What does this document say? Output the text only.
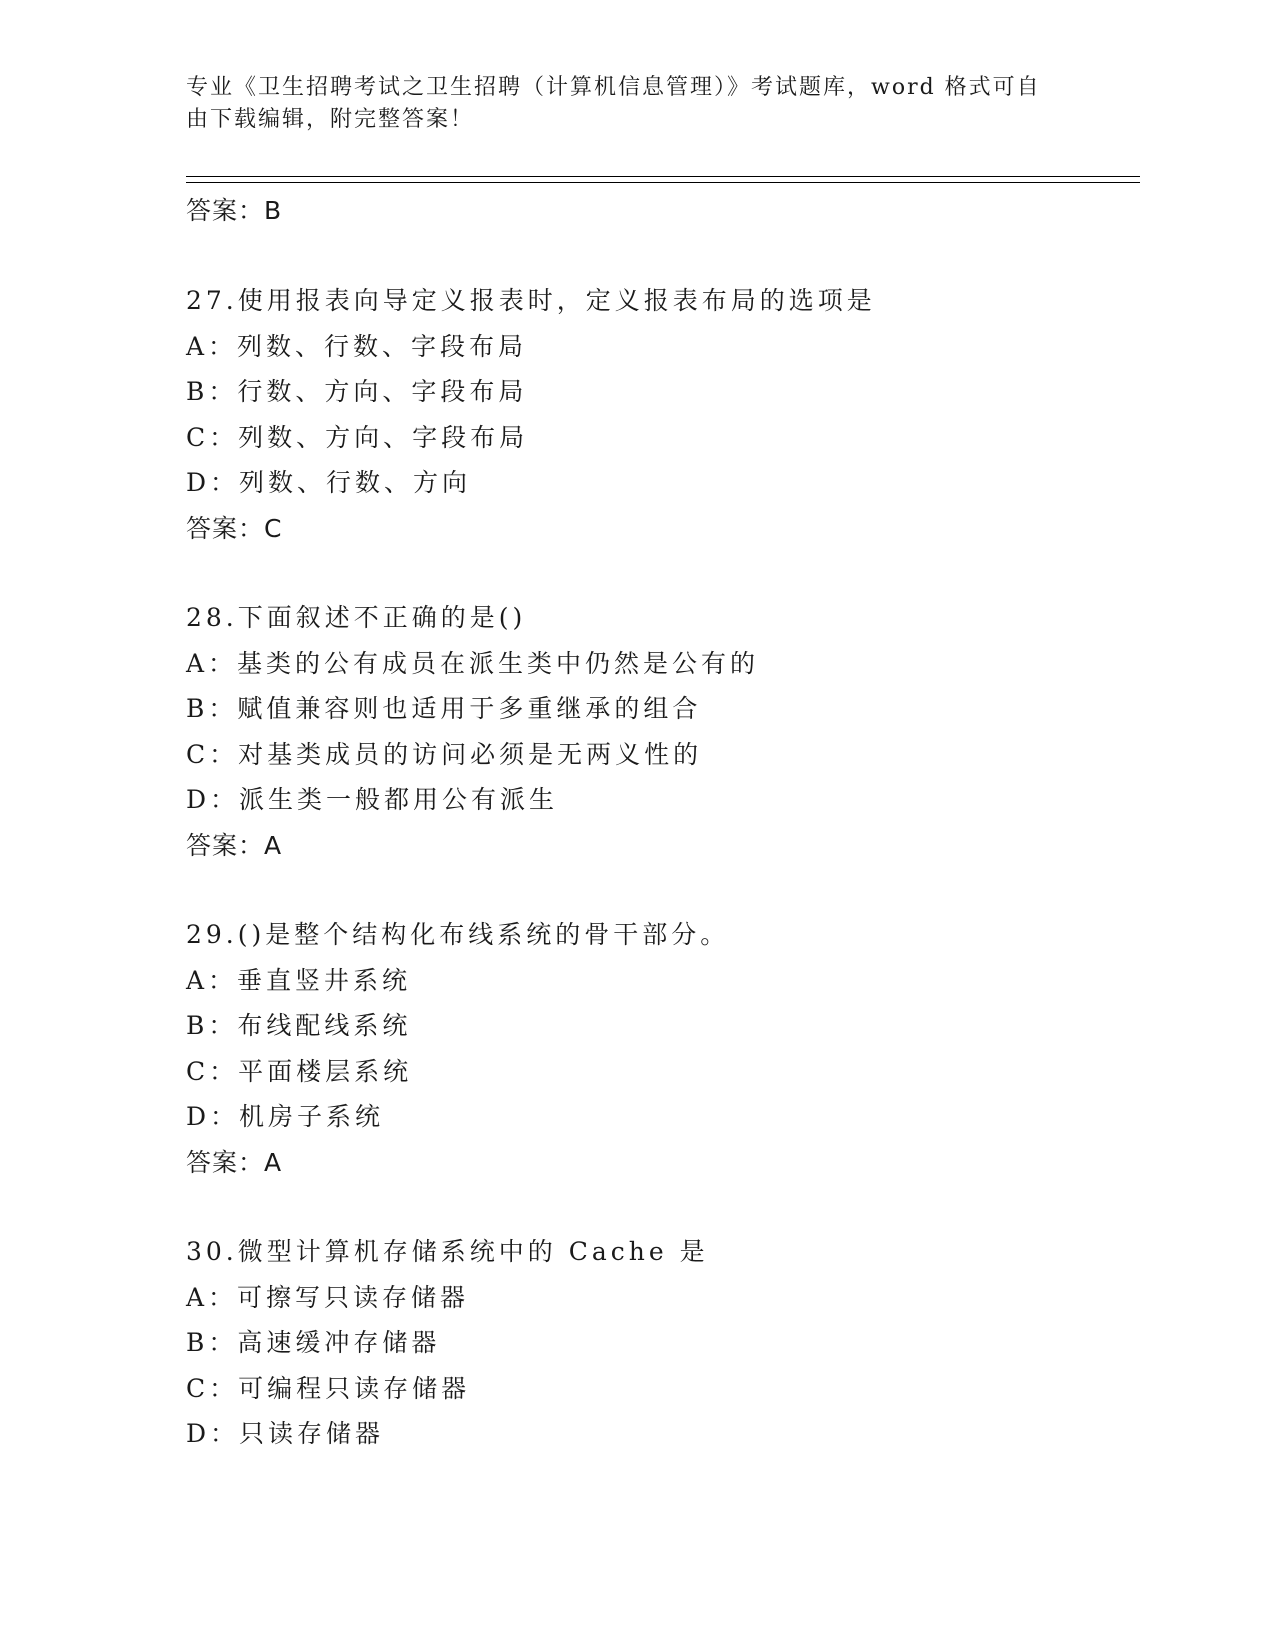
专业《卫生招聘考试之卫生招聘（计算机信息管理）》考试题库，word 格式可自
由下载编辑，附完整答案！
答案：B
27.使用报表向导定义报表时，定义报表布局的选项是
A：列数、行数、字段布局
B：行数、方向、字段布局
C：列数、方向、字段布局
D：列数、行数、方向
答案：C
28.下面叙述不正确的是()
A：基类的公有成员在派生类中仍然是公有的
B：赋值兼容则也适用于多重继承的组合
C：对基类成员的访问必须是无两义性的
D：派生类一般都用公有派生
答案：A
29.()是整个结构化布线系统的骨干部分。
A：垂直竖井系统
B：布线配线系统
C：平面楼层系统
D：机房子系统
答案：A
30.微型计算机存储系统中的 Cache 是
A：可擦写只读存储器
B：高速缓冲存储器
C：可编程只读存储器
D：只读存储器
